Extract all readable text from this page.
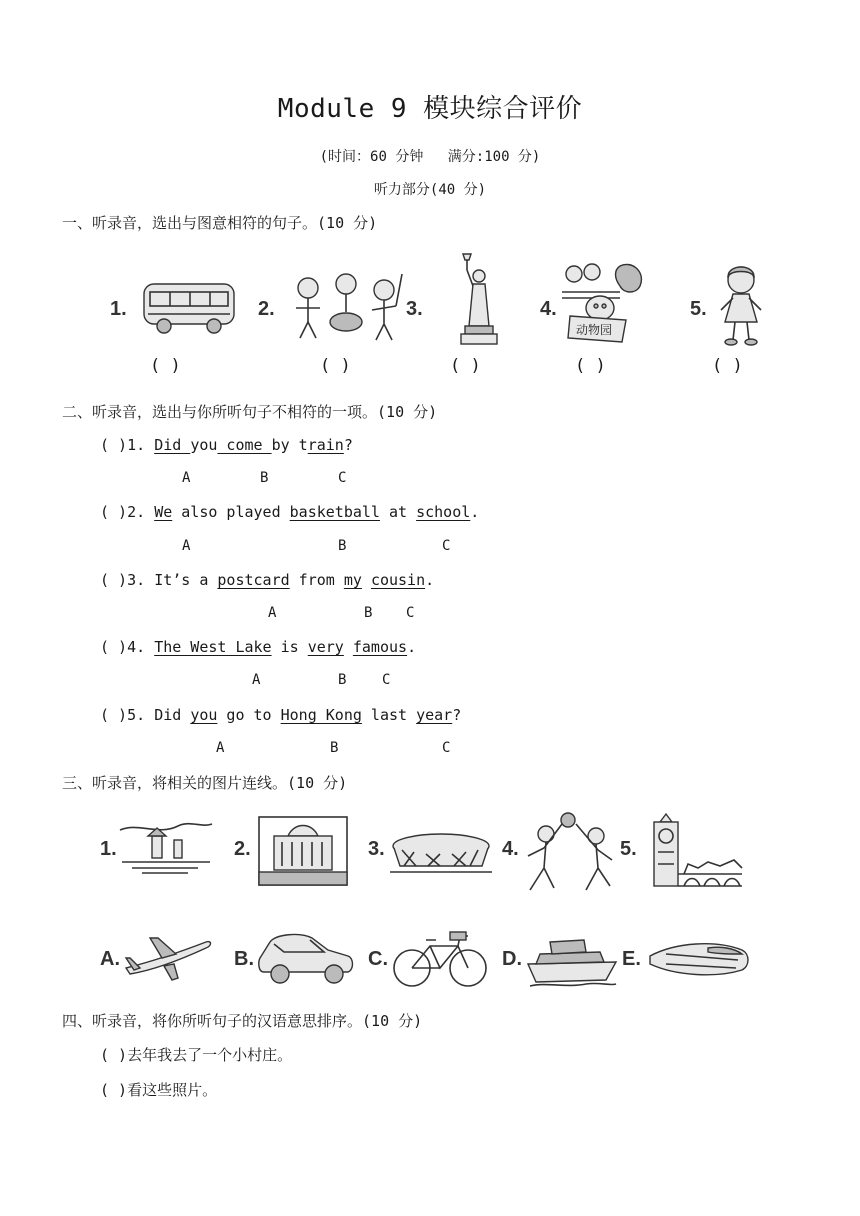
Module 9 模块综合评价
(时间：60 分钟 满分:100 分)
听力部分(40 分)
一、听录音，选出与图意相符的句子。(10 分)
1.
( )
2.
( )
3.
( )
4.
动物园
( )
5.
( )
二、听录音，选出与你所听句子不相符的一项。(10 分)
( )1. Did you come by train?
A	B	C
( )2. We also played basketball at school.
A	B	C
( )3. It’s a postcard from my cousin.
A	B C
( )4. The West Lake is very famous.
A	B	C
( )5. Did you go to Hong Kong last year?
A	B	C
三、听录音，将相关的图片连线。(10 分)
1.	2.	3.	4.	5.
A.	B.	C.	D.	E.
四、听录音，将你所听句子的汉语意思排序。(10 分)
( )去年我去了一个小村庄。
( )看这些照片。
